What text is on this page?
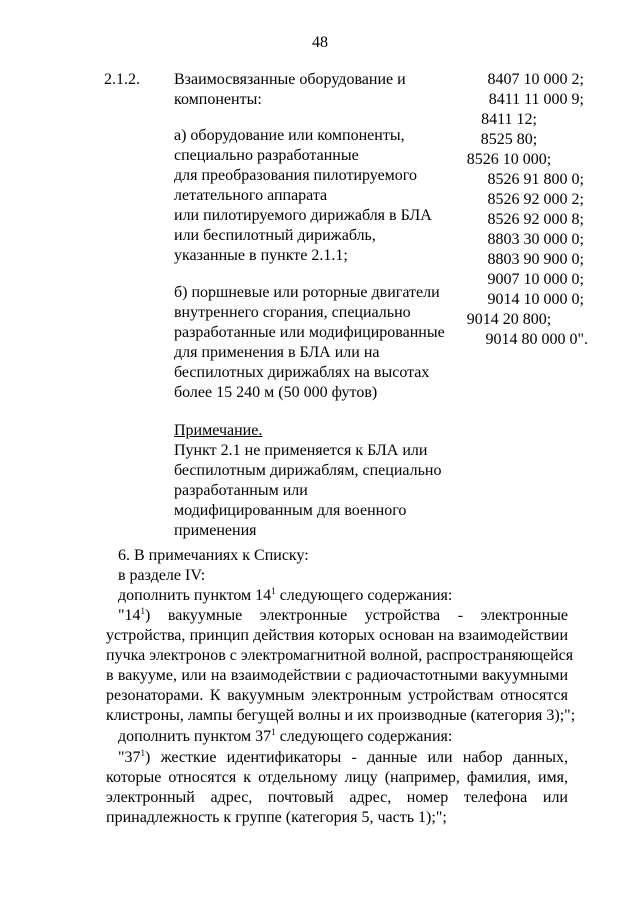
48
2.1.2. Взаимосвязанные оборудование и
компоненты:
а) оборудование или компоненты,
специально разработанные
для преобразования пилотируемого
летательного аппарата
или пилотируемого дирижабля в БЛА
или беспилотный дирижабль,
указанные в пункте 2.1.1;
б) поршневые или роторные двигатели
внутреннего сгорания, специально
разработанные или модифицированные
для применения в БЛА или на
беспилотных дирижаблях на высотах
более 15 240 м (50 000 футов)
Примечание.
Пункт 2.1 не применяется к БЛА или
беспилотным дирижаблям, специально
разработанным или
модифицированным для военного
применения
8407 10 000 2;
8411 11 000 9;
8411 12;
8525 80;
8526 10 000;
8526 91 800 0;
8526 92 000 2;
8526 92 000 8;
8803 30 000 0;
8803 90 900 0;
9007 10 000 0;
9014 10 000 0;
9014 20 800;
9014 80 000 0".
6. В примечаниях к Списку:
в разделе IV:
дополнить пунктом $14^1$ следующего содержания:
"$14^1$) вакуумные электронные устройства - электронные
устройства, принцип действия которых основан на взаимодействии
пучка электронов с электромагнитной волной, распространяющейся
в вакууме, или на взаимодействии с радиочастотными вакуумными
резонаторами. К вакуумным электронным устройствам относятся
клистроны, лампы бегущей волны и их производные (категория 3);";
дополнить пунктом $37^1$ следующего содержания:
"$37^1$) жесткие идентификаторы - данные или набор данных,
которые относятся к отдельному лицу (например, фамилия, имя,
электронный адрес, почтовый адрес, номер телефона или
принадлежность к группе (категория 5, часть 1);";
